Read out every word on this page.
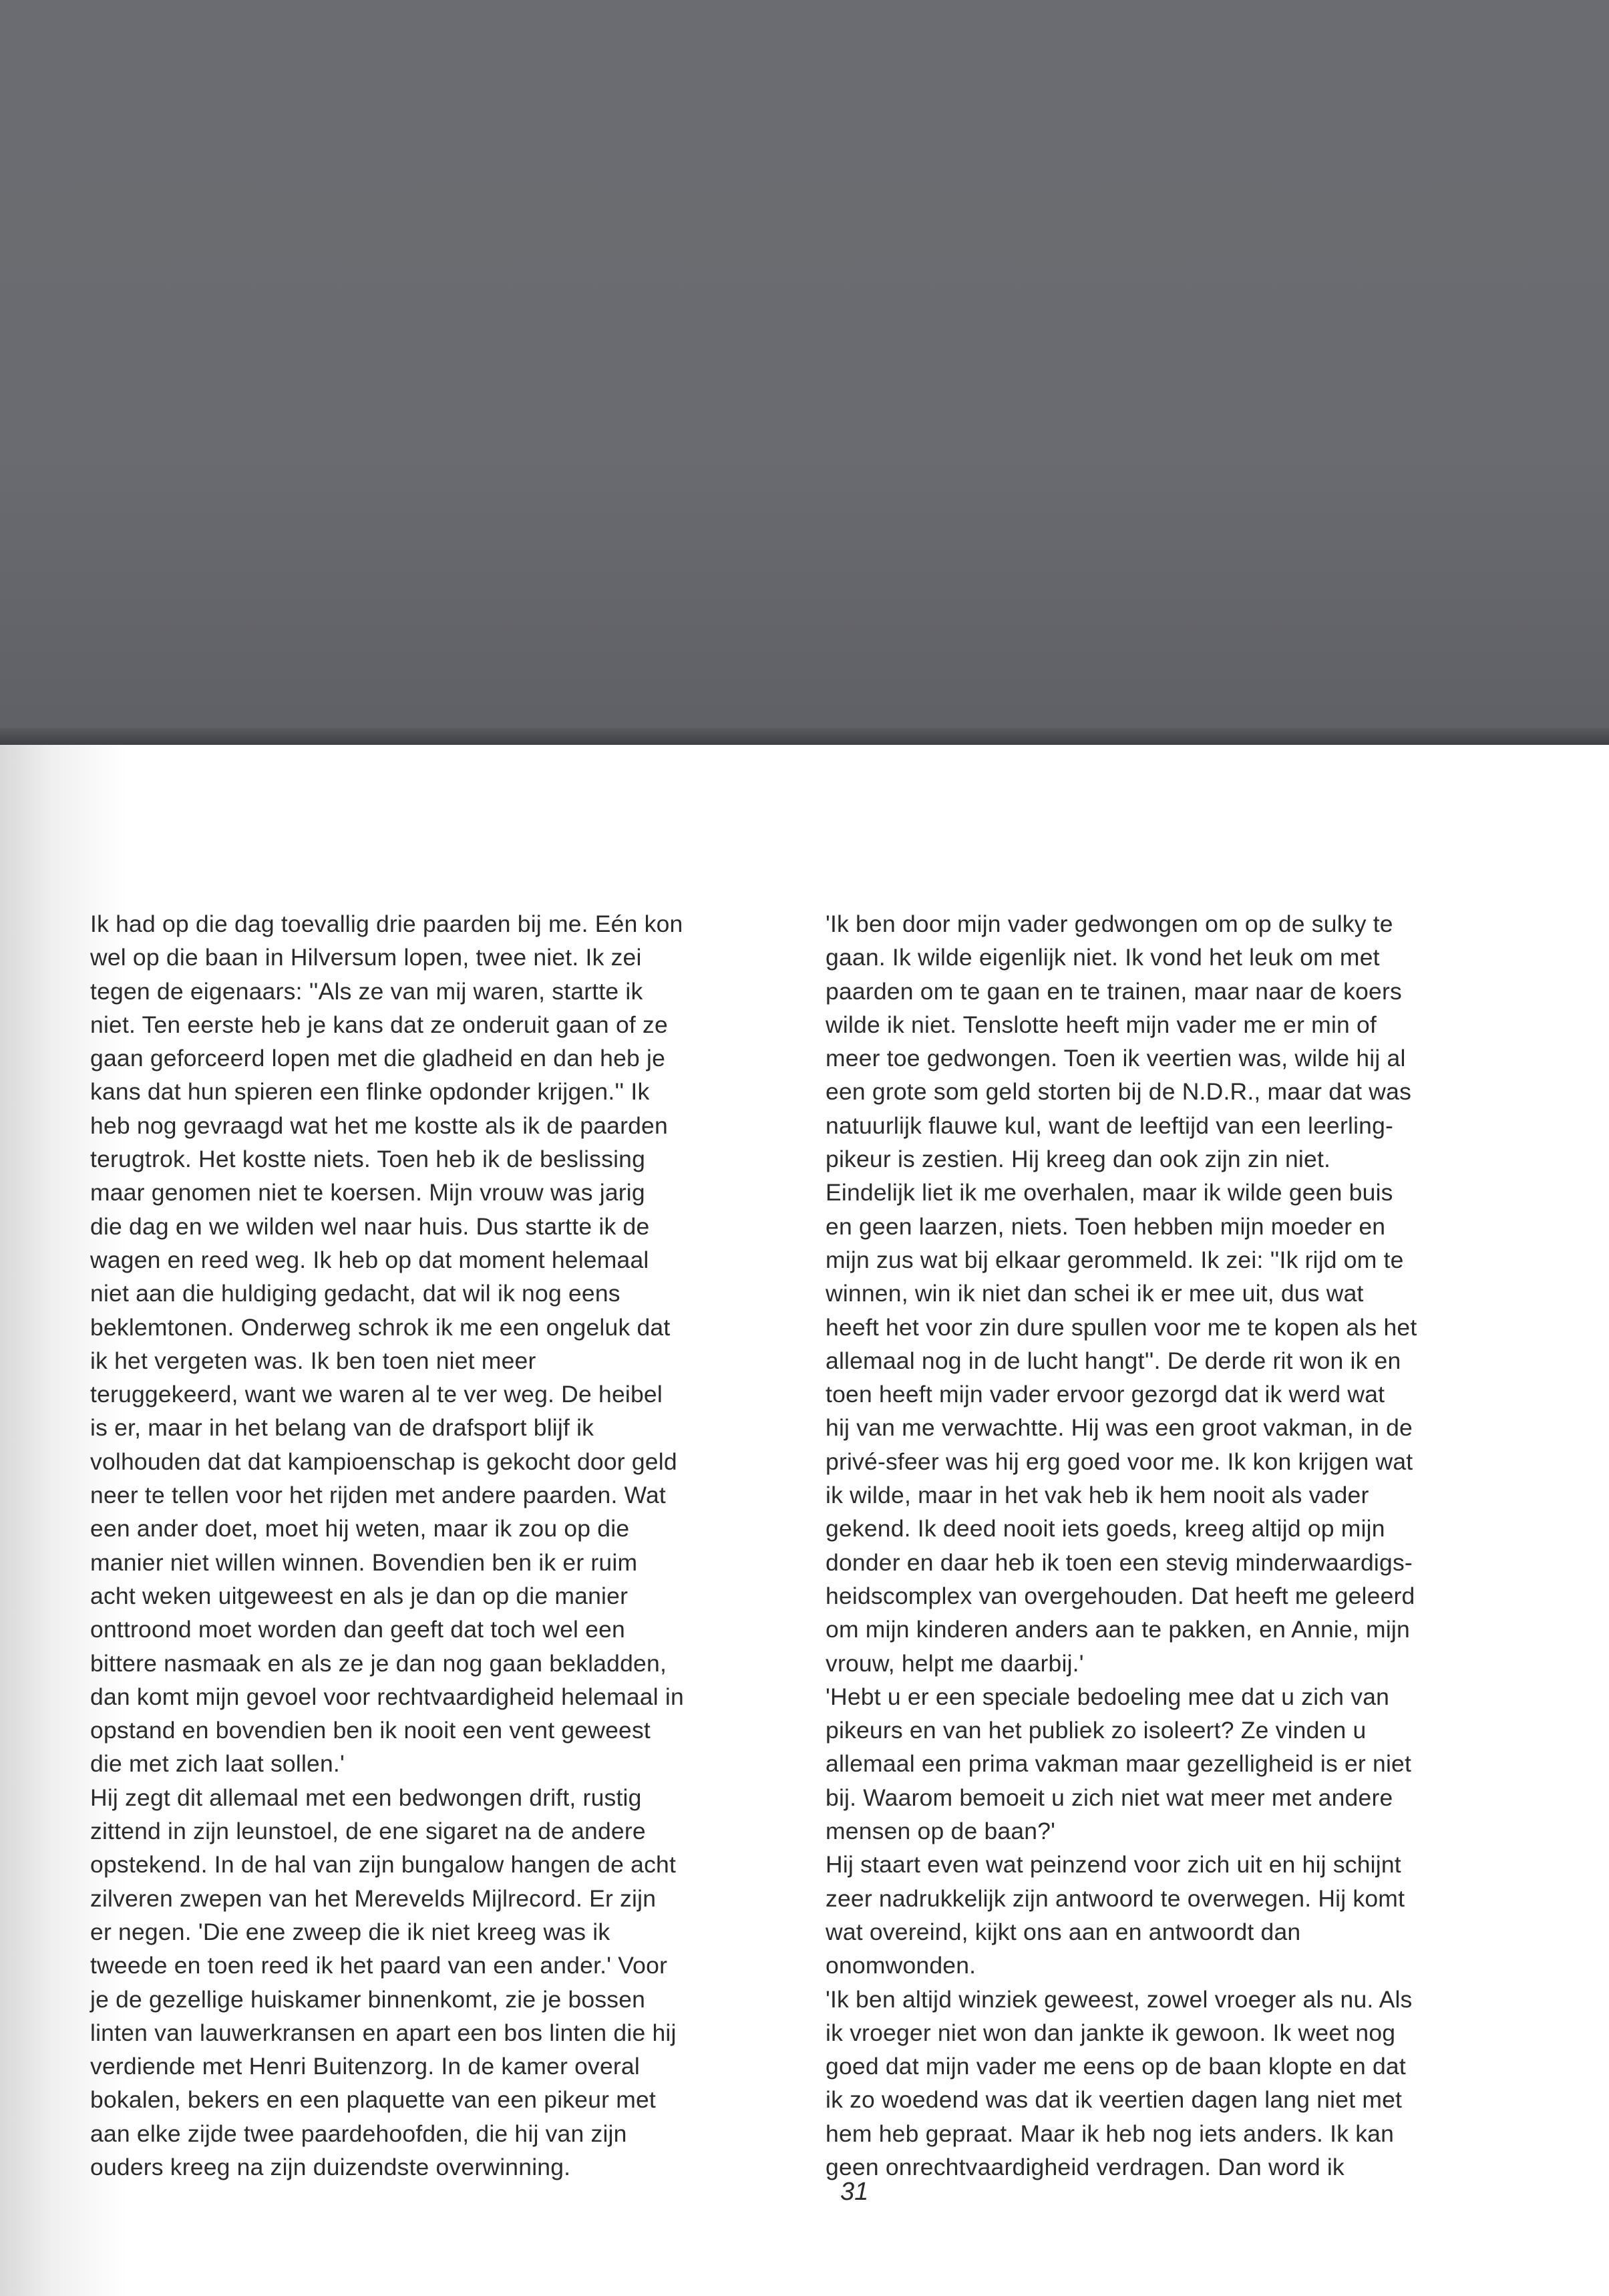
Ik had op die dag toevallig drie paarden bij me. Eén kon
wel op die baan in Hilversum lopen, twee niet. Ik zei
tegen de eigenaars: ''Als ze van mij waren, startte ik
niet. Ten eerste heb je kans dat ze onderuit gaan of ze
gaan geforceerd lopen met die gladheid en dan heb je
kans dat hun spieren een flinke opdonder krijgen.'' Ik
heb nog gevraagd wat het me kostte als ik de paarden
terugtrok. Het kostte niets. Toen heb ik de beslissing
maar genomen niet te koersen. Mijn vrouw was jarig
die dag en we wilden wel naar huis. Dus startte ik de
wagen en reed weg. Ik heb op dat moment helemaal
niet aan die huldiging gedacht, dat wil ik nog eens
beklemtonen. Onderweg schrok ik me een ongeluk dat
ik het vergeten was. Ik ben toen niet meer
teruggekeerd, want we waren al te ver weg. De heibel
is er, maar in het belang van de drafsport blijf ik
volhouden dat dat kampioenschap is gekocht door geld
neer te tellen voor het rijden met andere paarden. Wat
een ander doet, moet hij weten, maar ik zou op die
manier niet willen winnen. Bovendien ben ik er ruim
acht weken uitgeweest en als je dan op die manier
onttroond moet worden dan geeft dat toch wel een
bittere nasmaak en als ze je dan nog gaan bekladden,
dan komt mijn gevoel voor rechtvaardigheid helemaal in
opstand en bovendien ben ik nooit een vent geweest
die met zich laat sollen.'
Hij zegt dit allemaal met een bedwongen drift, rustig
zittend in zijn leunstoel, de ene sigaret na de andere
opstekend. In de hal van zijn bungalow hangen de acht
zilveren zwepen van het Merevelds Mijlrecord. Er zijn
er negen. 'Die ene zweep die ik niet kreeg was ik
tweede en toen reed ik het paard van een ander.' Voor
je de gezellige huiskamer binnenkomt, zie je bossen
linten van lauwerkransen en apart een bos linten die hij
verdiende met Henri Buitenzorg. In de kamer overal
bokalen, bekers en een plaquette van een pikeur met
aan elke zijde twee paardehoofden, die hij van zijn
ouders kreeg na zijn duizendste overwinning.
'Ik ben door mijn vader gedwongen om op de sulky te
gaan. Ik wilde eigenlijk niet. Ik vond het leuk om met
paarden om te gaan en te trainen, maar naar de koers
wilde ik niet. Tenslotte heeft mijn vader me er min of
meer toe gedwongen. Toen ik veertien was, wilde hij al
een grote som geld storten bij de N.D.R., maar dat was
natuurlijk flauwe kul, want de leeftijd van een leerling-
pikeur is zestien. Hij kreeg dan ook zijn zin niet.
Eindelijk liet ik me overhalen, maar ik wilde geen buis
en geen laarzen, niets. Toen hebben mijn moeder en
mijn zus wat bij elkaar gerommeld. Ik zei: ''Ik rijd om te
winnen, win ik niet dan schei ik er mee uit, dus wat
heeft het voor zin dure spullen voor me te kopen als het
allemaal nog in de lucht hangt''. De derde rit won ik en
toen heeft mijn vader ervoor gezorgd dat ik werd wat
hij van me verwachtte. Hij was een groot vakman, in de
privé-sfeer was hij erg goed voor me. Ik kon krijgen wat
ik wilde, maar in het vak heb ik hem nooit als vader
gekend. Ik deed nooit iets goeds, kreeg altijd op mijn
donder en daar heb ik toen een stevig minderwaardigs-
heidscomplex van overgehouden. Dat heeft me geleerd
om mijn kinderen anders aan te pakken, en Annie, mijn
vrouw, helpt me daarbij.'
'Hebt u er een speciale bedoeling mee dat u zich van
pikeurs en van het publiek zo isoleert? Ze vinden u
allemaal een prima vakman maar gezelligheid is er niet
bij. Waarom bemoeit u zich niet wat meer met andere
mensen op de baan?'
Hij staart even wat peinzend voor zich uit en hij schijnt
zeer nadrukkelijk zijn antwoord te overwegen. Hij komt
wat overeind, kijkt ons aan en antwoordt dan
onomwonden.
'Ik ben altijd winziek geweest, zowel vroeger als nu. Als
ik vroeger niet won dan jankte ik gewoon. Ik weet nog
goed dat mijn vader me eens op de baan klopte en dat
ik zo woedend was dat ik veertien dagen lang niet met
hem heb gepraat. Maar ik heb nog iets anders. Ik kan
geen onrechtvaardigheid verdragen. Dan word ik
31
